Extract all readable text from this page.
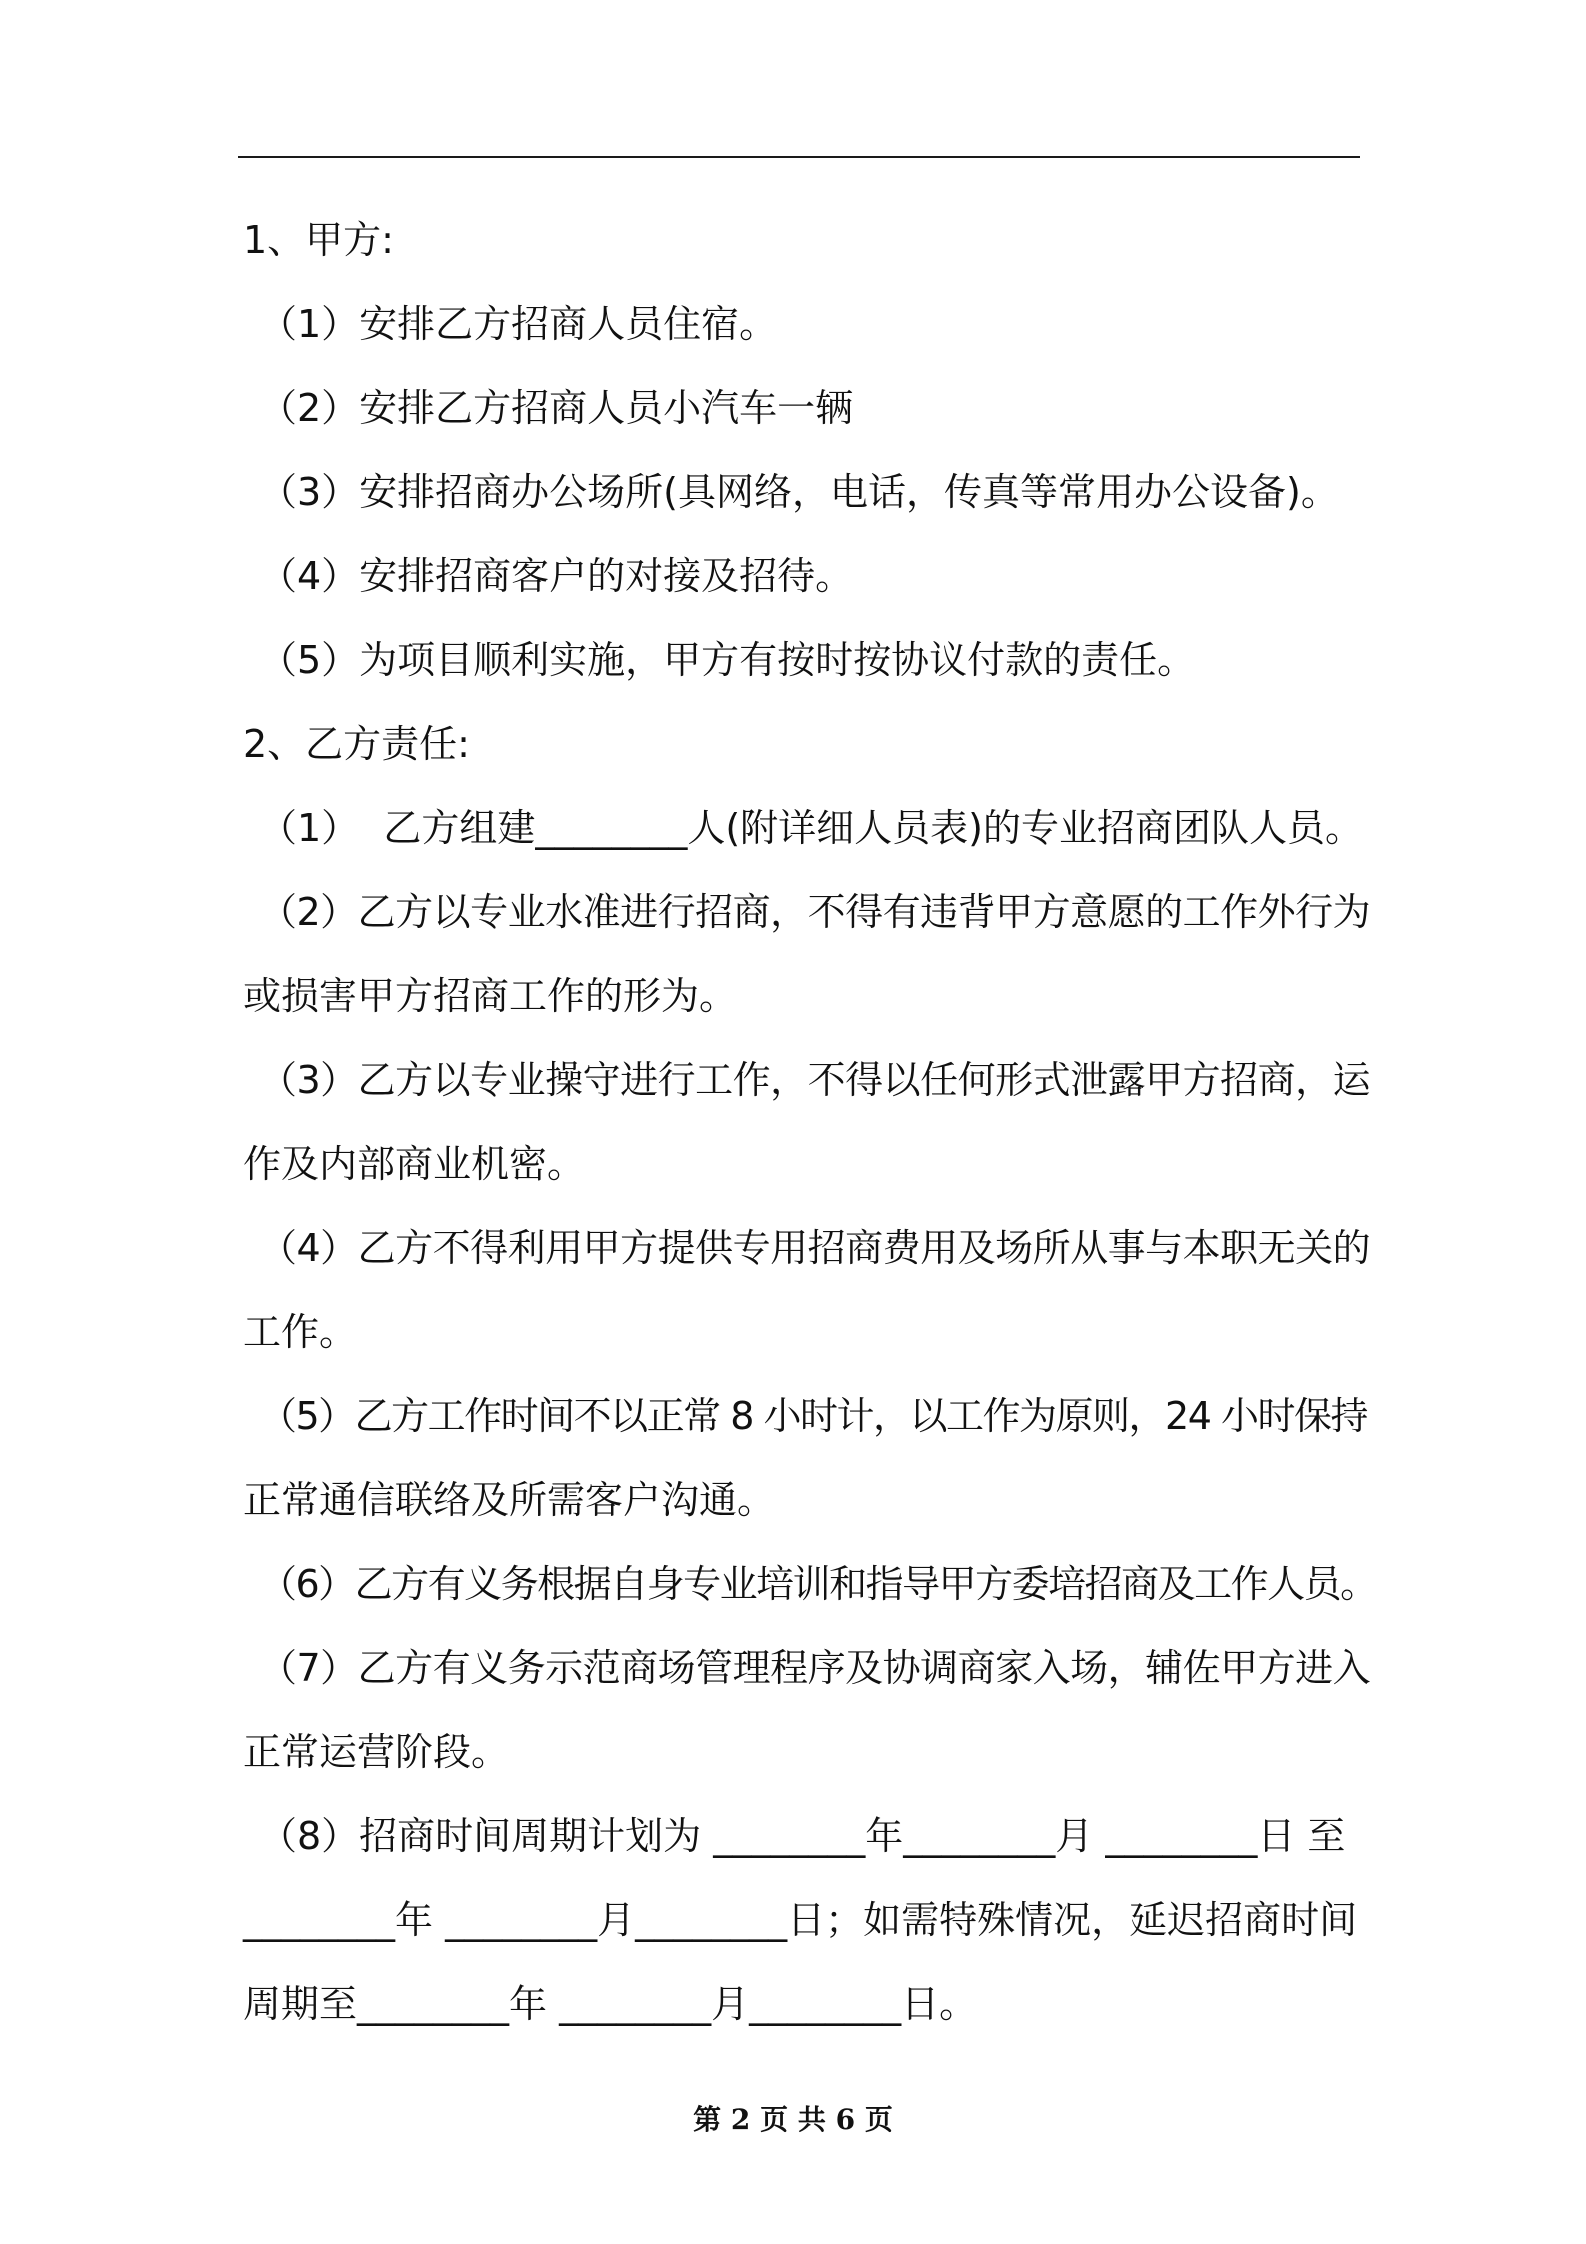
1、甲方:
（1）安排乙方招商人员住宿。
（2）安排乙方招商人员小汽车一辆
（3）安排招商办公场所(具网络，电话，传真等常用办公设备)。
（4）安排招商客户的对接及招待。
（5）为项目顺利实施，甲方有按时按协议付款的责任。
2、乙方责任:
（1）  乙方组建________人(附详细人员表)的专业招商团队人员。
（2）乙方以专业水准进行招商，不得有违背甲方意愿的工作外行为
或损害甲方招商工作的形为。
（3）乙方以专业操守进行工作，不得以任何形式泄露甲方招商，运
作及内部商业机密。
（4）乙方不得利用甲方提供专用招商费用及场所从事与本职无关的
工作。
（5）乙方工作时间不以正常 8 小时计，以工作为原则，24 小时保持
正常通信联络及所需客户沟通。
（6）乙方有义务根据自身专业培训和指导甲方委培招商及工作人员。
（7）乙方有义务示范商场管理程序及协调商家入场，辅佐甲方进入
正常运营阶段。
（8）招商时间周期计划为 ________年________月 ________日 至
________年 ________月________日；如需特殊情况，延迟招商时间
周期至________年 ________月________日。
第 2 页 共 6 页
